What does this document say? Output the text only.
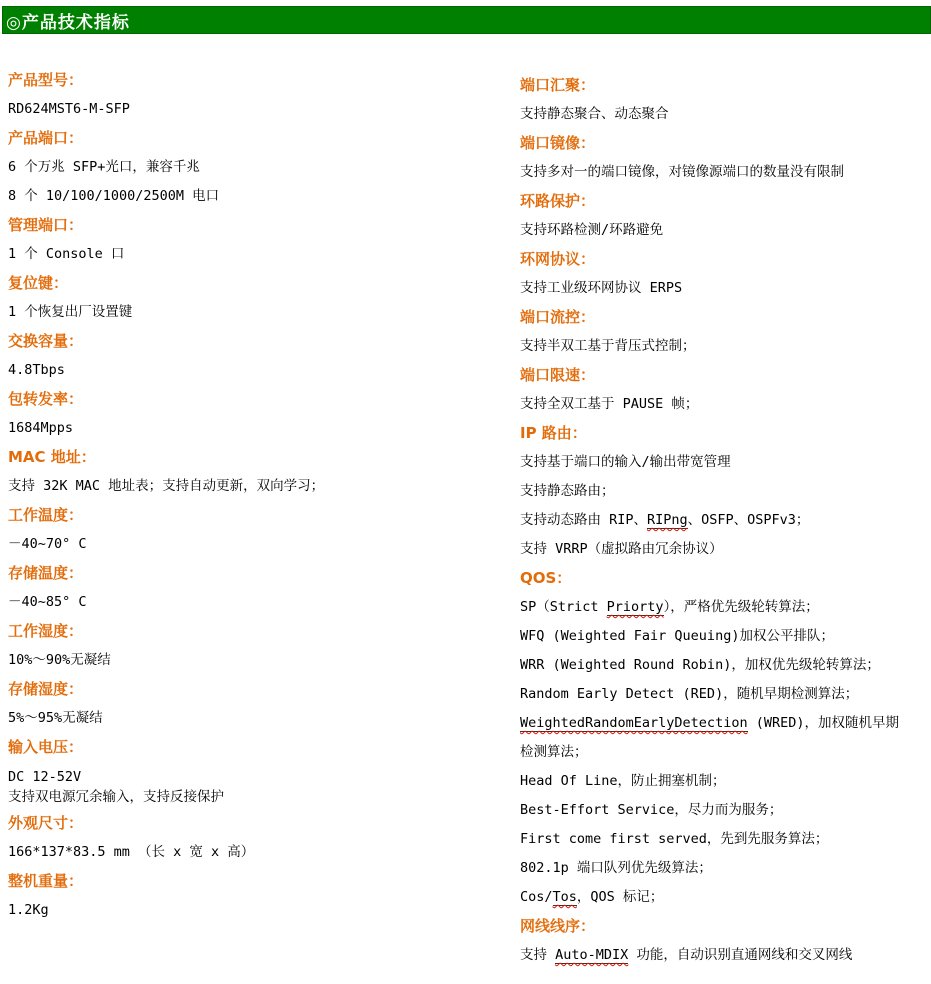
◎产品技术指标

产品型号：

RD624MST6-M-SFP

产品端口：

6 个万兆 SFP+光口，兼容千兆

8 个 10/100/1000/2500M 电口

管理端口：

1 个 Console 口

复位键：

1 个恢复出厂设置键

交换容量：

4.8Tbps

包转发率：

1684Mpps

MAC 地址：

支持 32K MAC 地址表；支持自动更新，双向学习；

工作温度：

－40~70° C

存储温度：

－40~85° C

工作湿度：

10%～90%无凝结

存储湿度：

5%～95%无凝结

输入电压：

DC 12-52V
支持双电源冗余输入，支持反接保护

外观尺寸：

166*137*83.5 mm （长 x 宽 x 高）

整机重量：

1.2Kg

端口汇聚：

支持静态聚合、动态聚合

端口镜像：

支持多对一的端口镜像，对镜像源端口的数量没有限制

环路保护：

支持环路检测/环路避免

环网协议：

支持工业级环网协议 ERPS

端口流控：

支持半双工基于背压式控制；

端口限速：

支持全双工基于 PAUSE 帧；

IP 路由：

支持基于端口的输入/输出带宽管理

支持静态路由；

支持动态路由 RIP、RIPng、OSFP、OSPFv3；

支持 VRRP（虚拟路由冗余协议）

QOS：

SP（Strict Priorty），严格优先级轮转算法；

WFQ (Weighted Fair Queuing)加权公平排队；

WRR (Weighted Round Robin)，加权优先级轮转算法；

Random Early Detect (RED)，随机早期检测算法；

WeightedRandomEarlyDetection (WRED)，加权随机早期

检测算法；

Head Of Line，防止拥塞机制；

Best-Effort Service，尽力而为服务；

First come first served，先到先服务算法；

802.1p 端口队列优先级算法；

Cos/Tos，QOS 标记；

网线线序：

支持 Auto-MDIX 功能，自动识别直通网线和交叉网线
